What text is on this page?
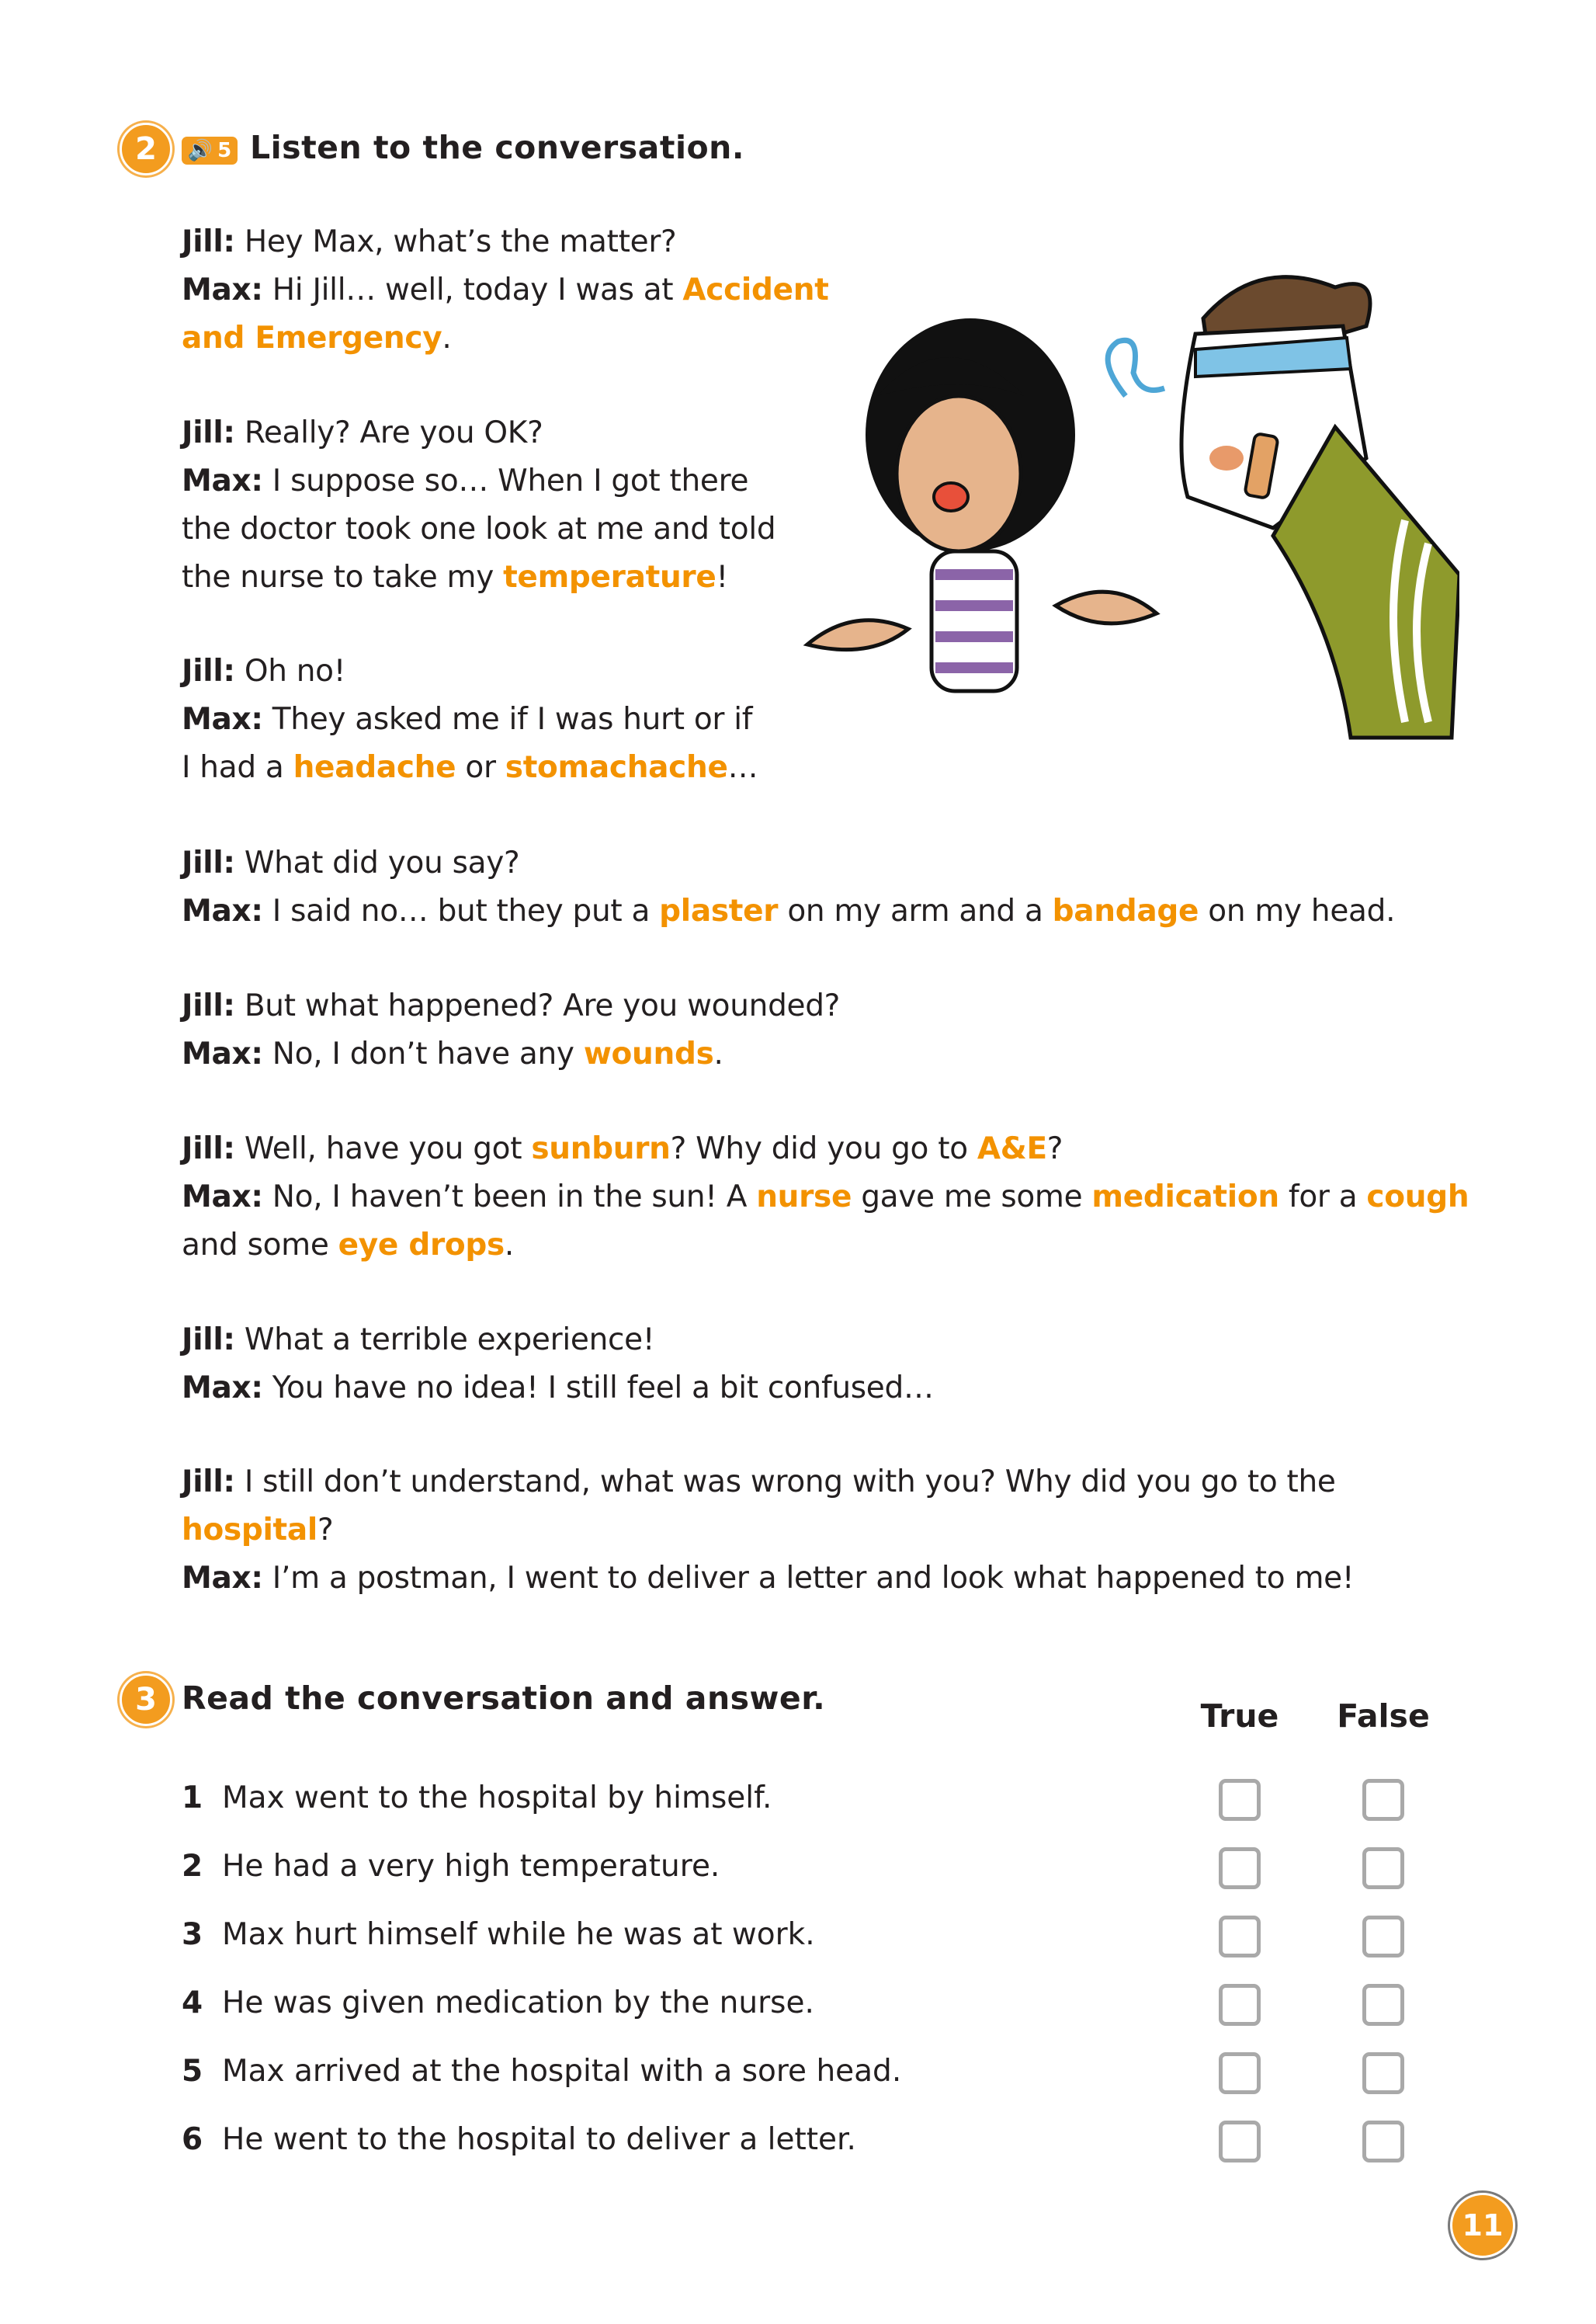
2	🔊 5 Listen to the conversation.
Jill: Hey Max, what’s the matter?
Max: Hi Jill… well, today I was at Accident
and Emergency.
Jill: Really? Are you OK?
Max: I suppose so… When I got there
the doctor took one look at me and told
the nurse to take my temperature!
Jill: Oh no!
Max: They asked me if I was hurt or if
I had a headache or stomachache…
Jill: What did you say?
Max: I said no… but they put a plaster on my arm and a bandage on my head.
Jill: But what happened? Are you wounded?
Max: No, I don’t have any wounds.
Jill: Well, have you got sunburn? Why did you go to A&E?
Max: No, I haven’t been in the sun! A nurse gave me some medication for a cough
and some eye drops.
Jill: What a terrible experience!
Max: You have no idea! I still feel a bit confused…
Jill: I still don’t understand, what was wrong with you? Why did you go to the
hospital?
Max: I’m a postman, I went to deliver a letter and look what happened to me!
3 Read the conversation and answer.	True False
1 Max went to the hospital by himself.
2 He had a very high temperature.
3 Max hurt himself while he was at work.
4 He was given medication by the nurse.
5 Max arrived at the hospital with a sore head.
6 He went to the hospital to deliver a letter.
11
